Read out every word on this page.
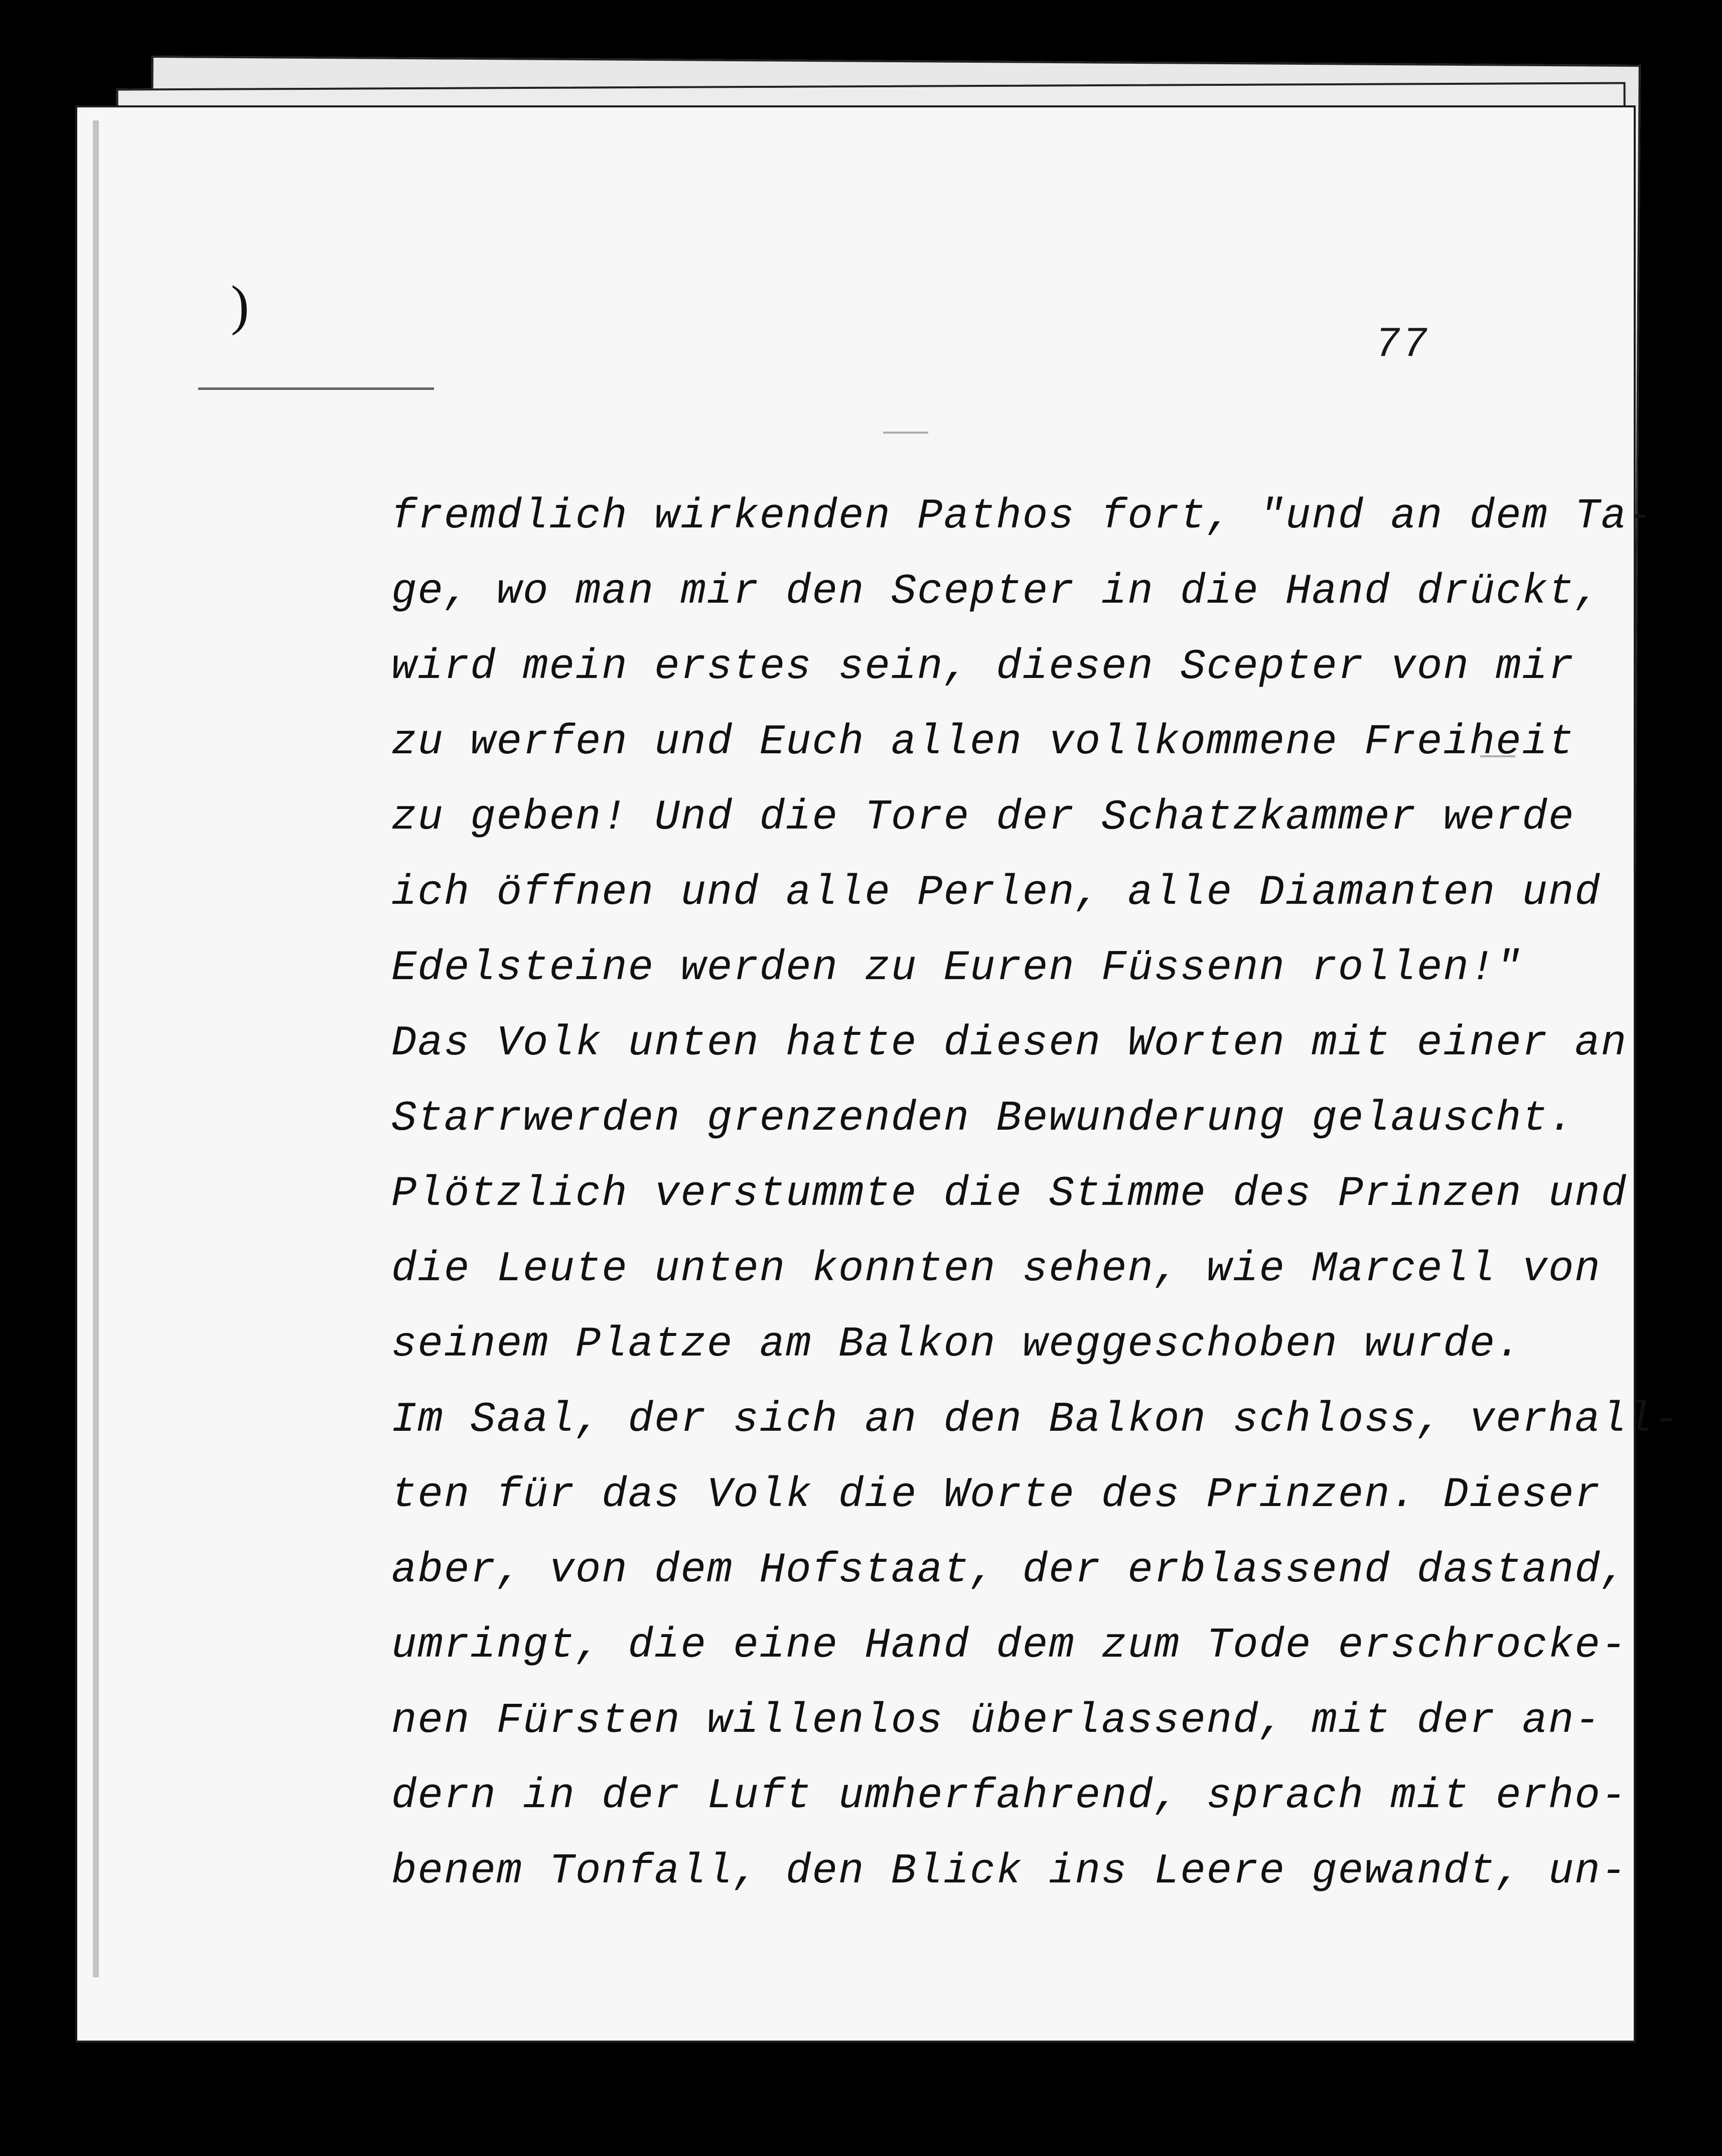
)
77
fremdlich wirkenden Pathos fort, "und an dem Ta-
ge, wo man mir den Scepter in die Hand drückt,
wird mein erstes sein, diesen Scepter von mir
zu werfen und Euch allen vollkommene Freiheit
zu geben! Und die Tore der Schatzkammer werde
ich öffnen und alle Perlen, alle Diamanten und
Edelsteine werden zu Euren Füssenn rollen!"
Das Volk unten hatte diesen Worten mit einer an
Starrwerden grenzenden Bewunderung gelauscht.
Plötzlich verstummte die Stimme des Prinzen und
die Leute unten konnten sehen, wie Marcell von
seinem Platze am Balkon weggeschoben wurde.
Im Saal, der sich an den Balkon schloss, verhall-
ten für das Volk die Worte des Prinzen. Dieser
aber, von dem Hofstaat, der erblassend dastand,
umringt, die eine Hand dem zum Tode erschrocke-
nen Fürsten willenlos überlassend, mit der an-
dern in der Luft umherfahrend, sprach mit erho-
benem Tonfall, den Blick ins Leere gewandt, un-
